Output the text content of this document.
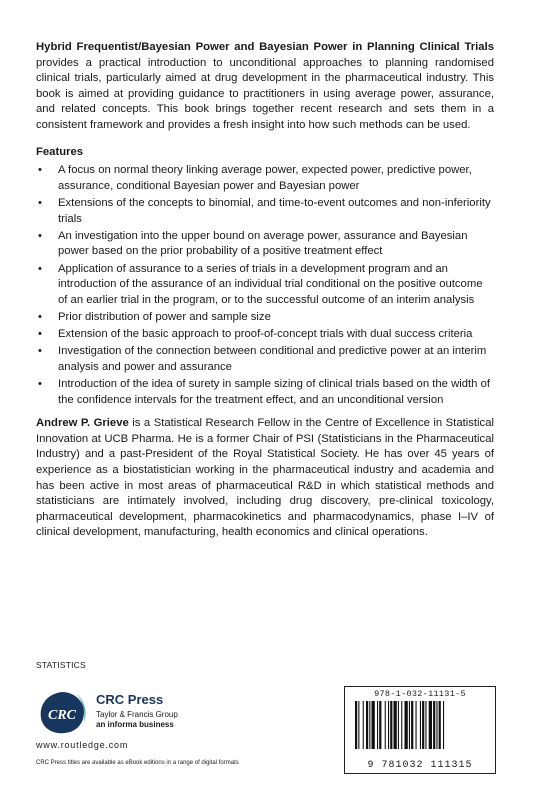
Hybrid Frequentist/Bayesian Power and Bayesian Power in Planning Clinical Trials provides a practical introduction to unconditional approaches to planning randomised clinical trials, particularly aimed at drug development in the pharmaceutical industry. This book is aimed at providing guidance to practitioners in using average power, assurance, and related concepts. This book brings together recent research and sets them in a consistent framework and provides a fresh insight into how such methods can be used.

Features
• A focus on normal theory linking average power, expected power, predictive power, assurance, conditional Bayesian power and Bayesian power
• Extensions of the concepts to binomial, and time-to-event outcomes and non-inferiority trials
• An investigation into the upper bound on average power, assurance and Bayesian power based on the prior probability of a positive treatment effect
• Application of assurance to a series of trials in a development program and an introduction of the assurance of an individual trial conditional on the positive outcome of an earlier trial in the program, or to the successful outcome of an interim analysis
• Prior distribution of power and sample size
• Extension of the basic approach to proof-of-concept trials with dual success criteria
• Investigation of the connection between conditional and predictive power at an interim analysis and power and assurance
• Introduction of the idea of surety in sample sizing of clinical trials based on the width of the confidence intervals for the treatment effect, and an unconditional version

Andrew P. Grieve is a Statistical Research Fellow in the Centre of Excellence in Statistical Innovation at UCB Pharma. He is a former Chair of PSI (Statisticians in the Pharmaceutical Industry) and a past-President of the Royal Statistical Society. He has over 45 years of experience as a biostatistician working in the pharmaceutical industry and academia and has been active in most areas of pharmaceutical R&D in which statistical methods and statisticians are intimately involved, including drug discovery, pre-clinical toxicology, pharmaceutical development, pharmacokinetics and pharmacodynamics, phase I–IV of clinical development, manufacturing, health economics and clinical operations.

STATISTICS
CRC
CRC Press
Taylor & Francis Group
an informa business
www.routledge.com
CRC Press titles are available as eBook editions in a range of digital formats
978-1-032-11131-5
9 781032 111315
